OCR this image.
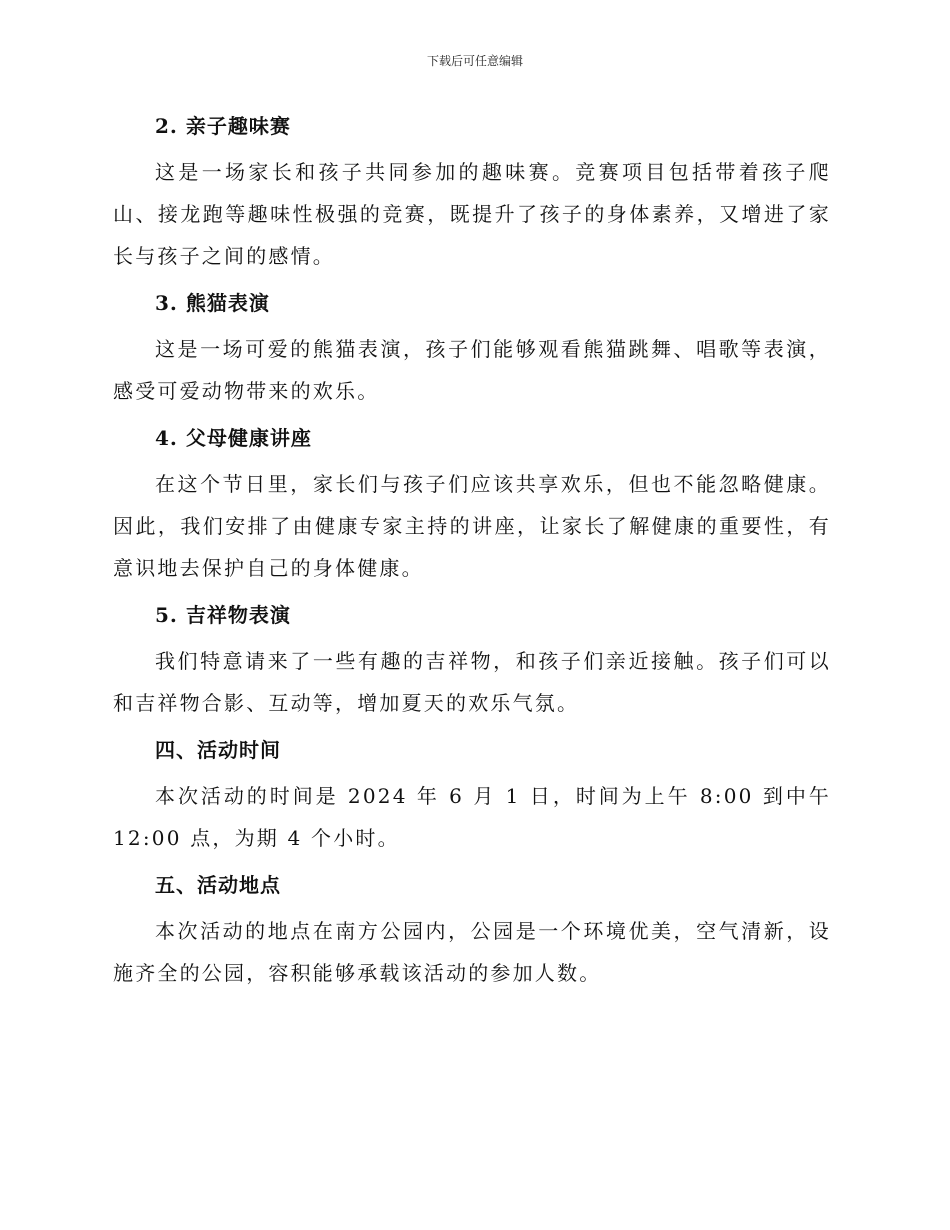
下载后可任意编辑
2. 亲子趣味赛

这是一场家长和孩子共同参加的趣味赛。竞赛项目包括带着孩子爬山、接龙跑等趣味性极强的竞赛，既提升了孩子的身体素养，又增进了家长与孩子之间的感情。

3. 熊猫表演

这是一场可爱的熊猫表演，孩子们能够观看熊猫跳舞、唱歌等表演，感受可爱动物带来的欢乐。

4. 父母健康讲座

在这个节日里，家长们与孩子们应该共享欢乐，但也不能忽略健康。因此，我们安排了由健康专家主持的讲座，让家长了解健康的重要性，有意识地去保护自己的身体健康。

5. 吉祥物表演

我们特意请来了一些有趣的吉祥物，和孩子们亲近接触。孩子们可以和吉祥物合影、互动等，增加夏天的欢乐气氛。

四、活动时间

本次活动的时间是 2024 年 6 月 1 日，时间为上午 8:00 到中午 12:00 点，为期 4 个小时。

五、活动地点

本次活动的地点在南方公园内，公园是一个环境优美，空气清新，设施齐全的公园，容积能够承载该活动的参加人数。
